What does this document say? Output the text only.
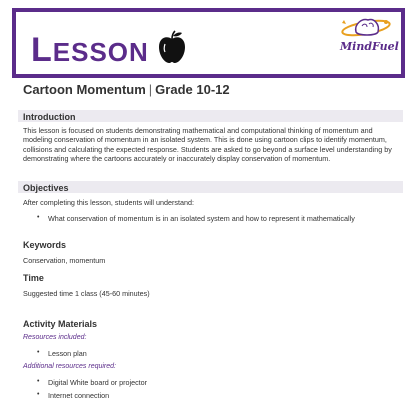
LESSON	MindFuel
Cartoon Momentum | Grade 10-12
Introduction
This lesson is focused on students demonstrating mathematical and computational thinking of momentum and modeling conservation of momentum in an isolated system. This is done using cartoon clips to identify momentum, collisions and calculating the expected response. Students are asked to go beyond a surface level understanding by demonstrating where the cartoons accurately or inaccurately display conservation of momentum.
Objectives
After completing this lesson, students will understand:
• What conservation of momentum is in an isolated system and how to represent it mathematically
Keywords
Conservation, momentum
Time
Suggested time 1 class (45-60 minutes)
Activity Materials
Resources included:
• Lesson plan
Additional resources required:
• Digital White board or projector
• Internet connection
